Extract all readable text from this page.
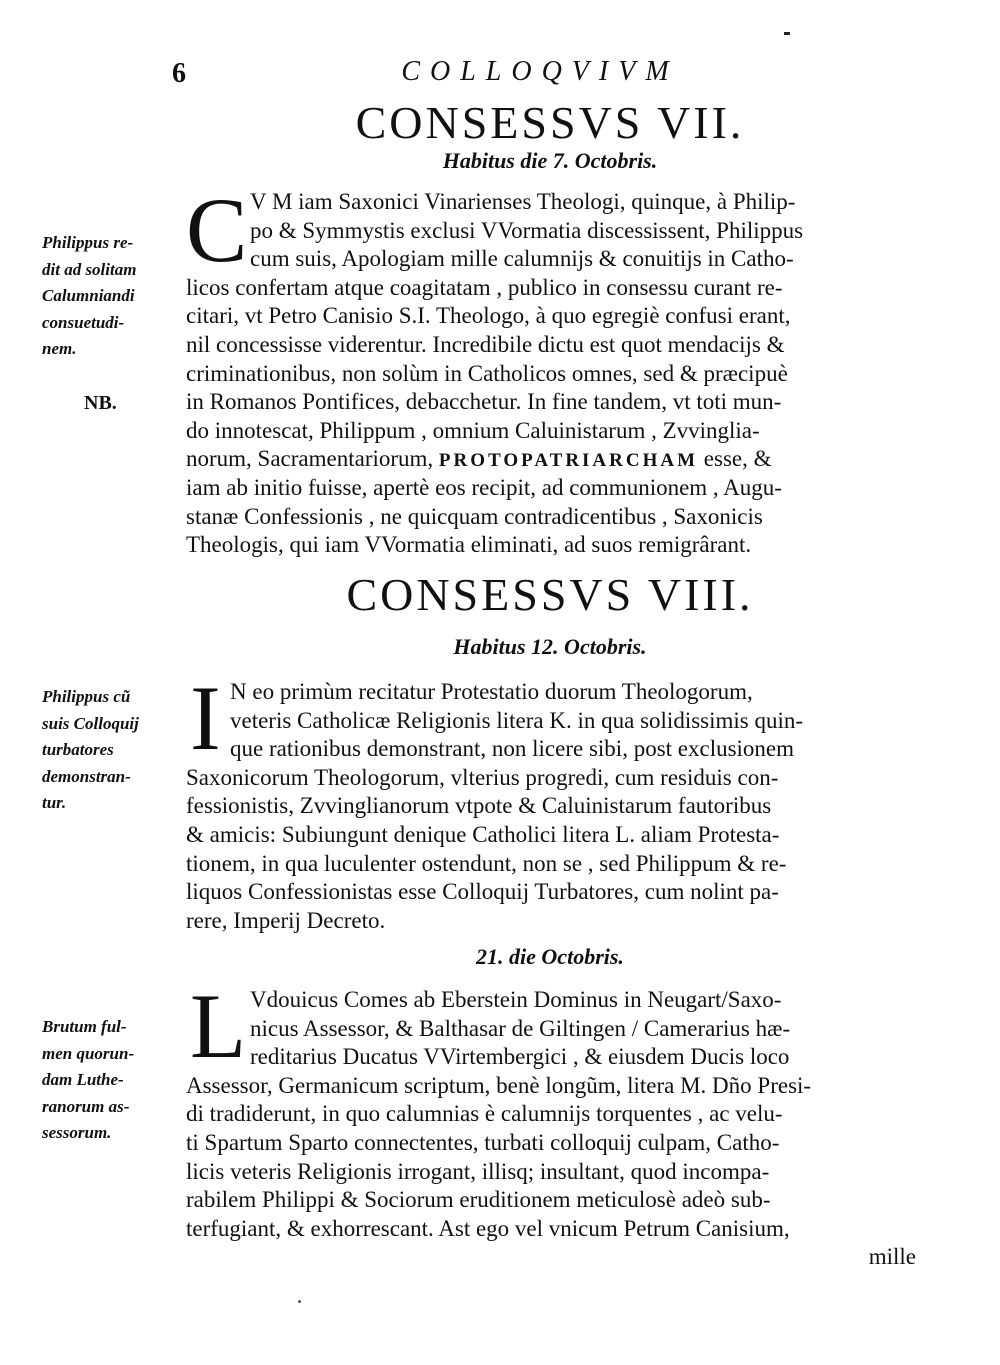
6	COLLOQVIVM
CONSESSVS VII.
Habitus die 7. Octobris.
C
Philippus re-
dit ad solitam
Calumniandi
consuetudi-
nem.
NB.
V M iam Saxonici Vinarienses Theologi, quinque, à Philip-
po & Symmystis exclusi VVormatia discessissent, Philippus
cum suis, Apologiam mille calumnijs & conuitijs in Catho-
licos confertam atque coagitatam , publico in consessu curant re-
citari, vt Petro Canisio S.I. Theologo, à quo egregiè confusi erant,
nil concessisse viderentur. Incredibile dictu est quot mendacijs &
criminationibus, non solùm in Catholicos omnes, sed & præcipuè
in Romanos Pontifices, debacchetur. In fine tandem, vt toti mun-
do innotescat, Philippum , omnium Caluinistarum , Zvvinglia-
norum, Sacramentariorum, PROTOPATRIARCHAM esse, &
iam ab initio fuisse, apertè eos recipit, ad communionem , Augu-
stanæ Confessionis , ne quicquam contradicentibus , Saxonicis
Theologis, qui iam VVormatia eliminati, ad suos remigrârant.
CONSESSVS VIII.
Habitus 12. Octobris.
I
Philippus cũ
suis Colloquij
turbatores
demonstran-
tur.
N eo primùm recitatur Protestatio duorum Theologorum,
veteris Catholicæ Religionis litera K. in qua solidissimis quin-
que rationibus demonstrant, non licere sibi, post exclusionem
Saxonicorum Theologorum, vlterius progredi, cum residuis con-
fessionistis, Zvvinglianorum vtpote & Caluinistarum fautoribus
& amicis: Subiungunt denique Catholici litera L. aliam Protesta-
tionem, in qua luculenter ostendunt, non se , sed Philippum & re-
liquos Confessionistas esse Colloquij Turbatores, cum nolint pa-
rere, Imperij Decreto.
21. die Octobris.
L
Brutum ful-
men quorun-
dam Luthe-
ranorum as-
sessorum.
Vdouicus Comes ab Eberstein Dominus in Neugart/Saxo-
nicus Assessor, & Balthasar de Giltingen / Camerarius hæ-
reditarius Ducatus VVirtembergici , & eiusdem Ducis loco
Assessor, Germanicum scriptum, benè longũm, litera M. Dño Presi-
di tradiderunt, in quo calumnias è calumnijs torquentes , ac velu-
ti Spartum Sparto connectentes, turbati colloquij culpam, Catho-
licis veteris Religionis irrogant, illisq; insultant, quod incompa-
rabilem Philippi & Sociorum eruditionem meticulosè adeò sub-
terfugiant, & exhorrescant. Ast ego vel vnicum Petrum Canisium,
mille
